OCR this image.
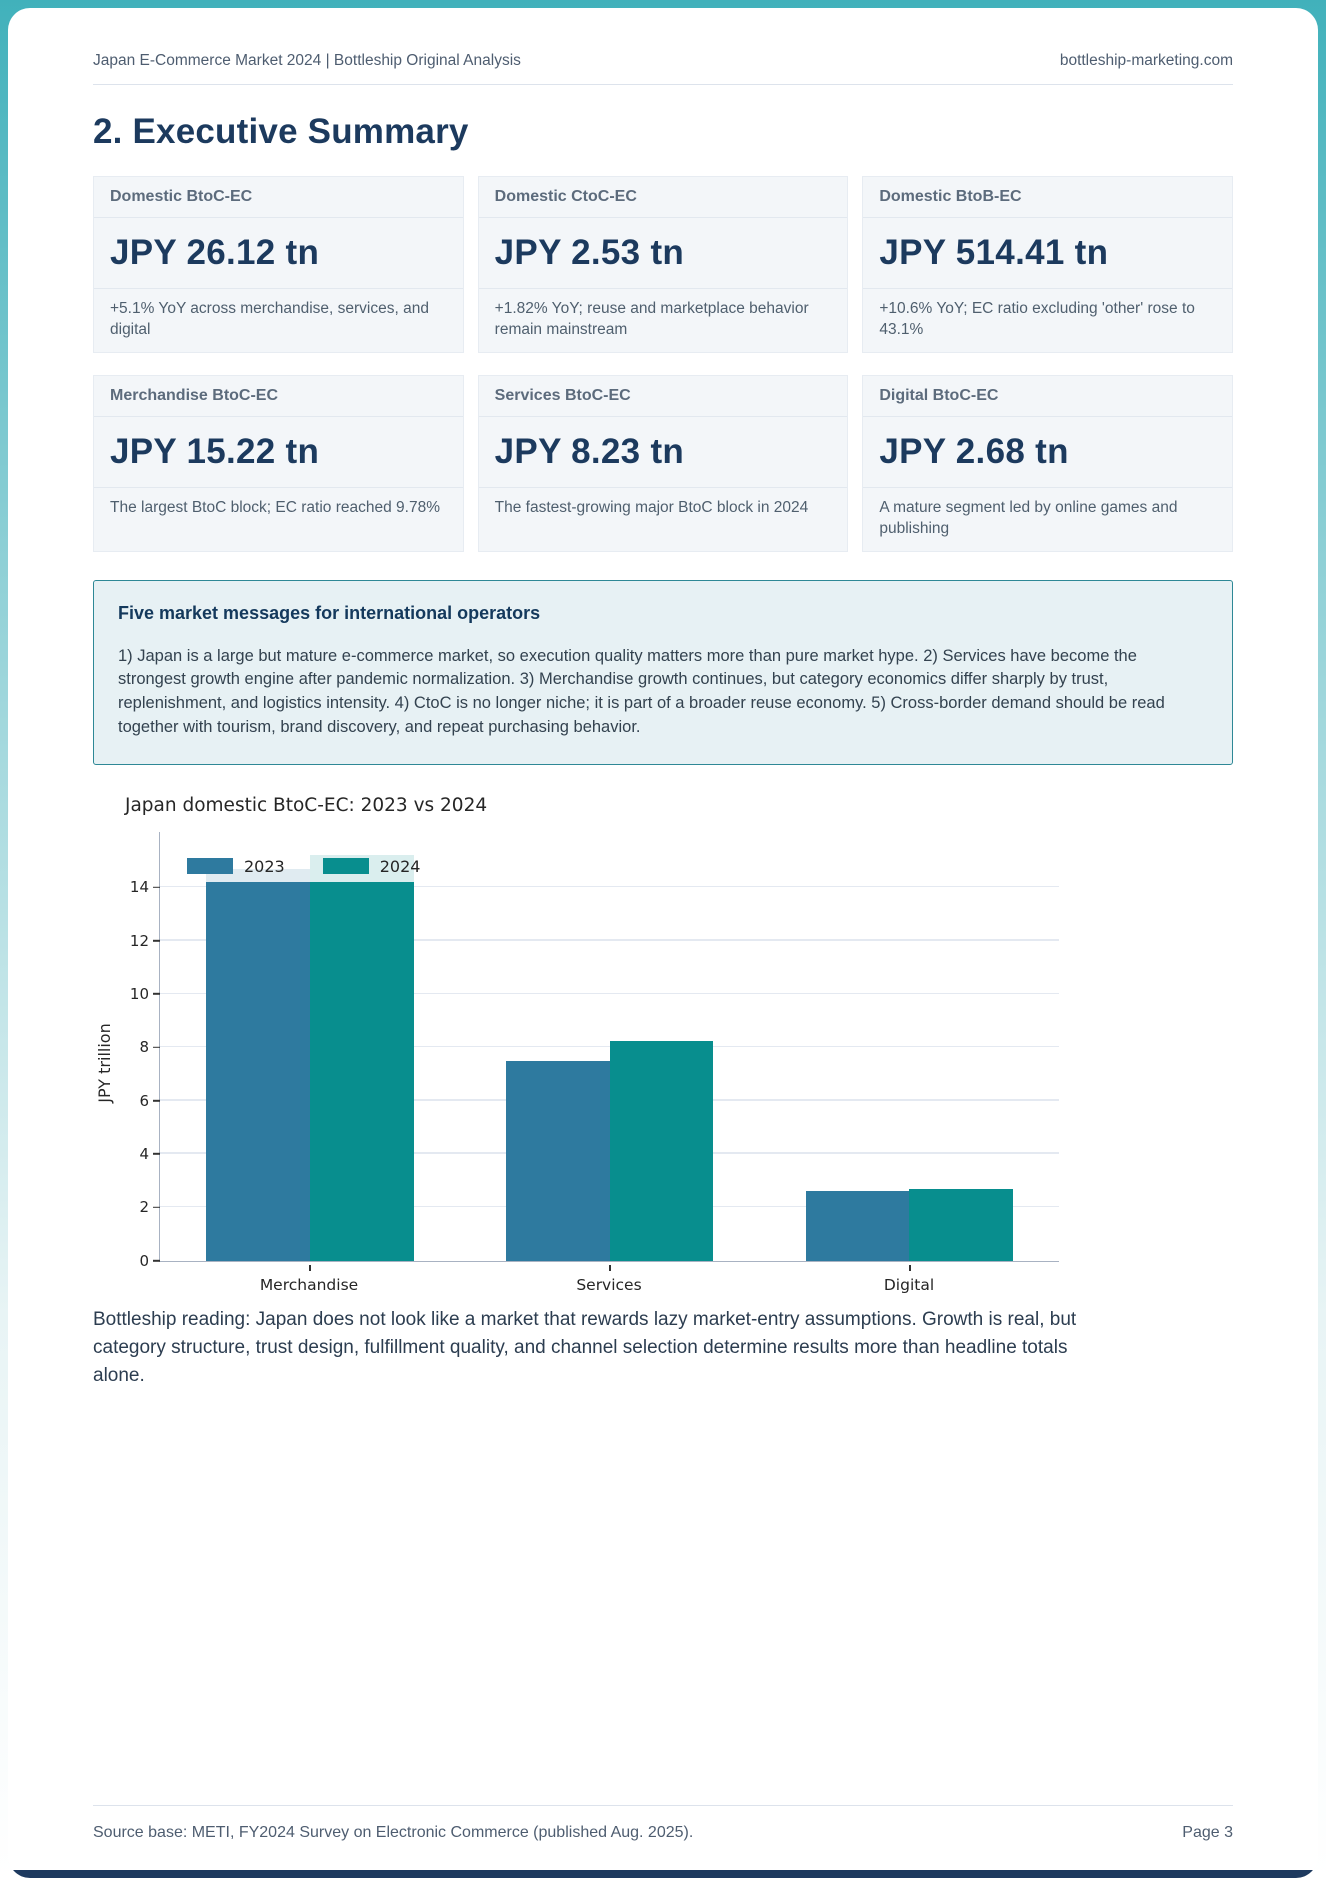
Japan E-Commerce Market 2024 | Bottleship Original Analysis	bottleship-marketing.com
2. Executive Summary
Domestic BtoC-EC
JPY 26.12 tn
+5.1% YoY across merchandise, services, and digital
Domestic CtoC-EC
JPY 2.53 tn
+1.82% YoY; reuse and marketplace behavior remain mainstream
Domestic BtoB-EC
JPY 514.41 tn
+10.6% YoY; EC ratio excluding 'other' rose to 43.1%
Merchandise BtoC-EC
JPY 15.22 tn
The largest BtoC block; EC ratio reached 9.78%
Services BtoC-EC
JPY 8.23 tn
The fastest-growing major BtoC block in 2024
Digital BtoC-EC
JPY 2.68 tn
A mature segment led by online games and publishing
Five market messages for international operators

1) Japan is a large but mature e-commerce market, so execution quality matters more than pure market hype. 2) Services have become the strongest growth engine after pandemic normalization. 3) Merchandise growth continues, but category economics differ sharply by trust, replenishment, and logistics intensity. 4) CtoC is no longer niche; it is part of a broader reuse economy. 5) Cross-border demand should be read together with tourism, brand discovery, and repeat purchasing behavior.

Japan domestic BtoC-EC: 2023 vs 2024
JPY trillion
0
2
4
6
8
10
12
14
2023	2024
Merchandise	Services	Digital

Bottleship reading: Japan does not look like a market that rewards lazy market-entry assumptions. Growth is real, but category structure, trust design, fulfillment quality, and channel selection determine results more than headline totals alone.

Source base: METI, FY2024 Survey on Electronic Commerce (published Aug. 2025).	Page 3
